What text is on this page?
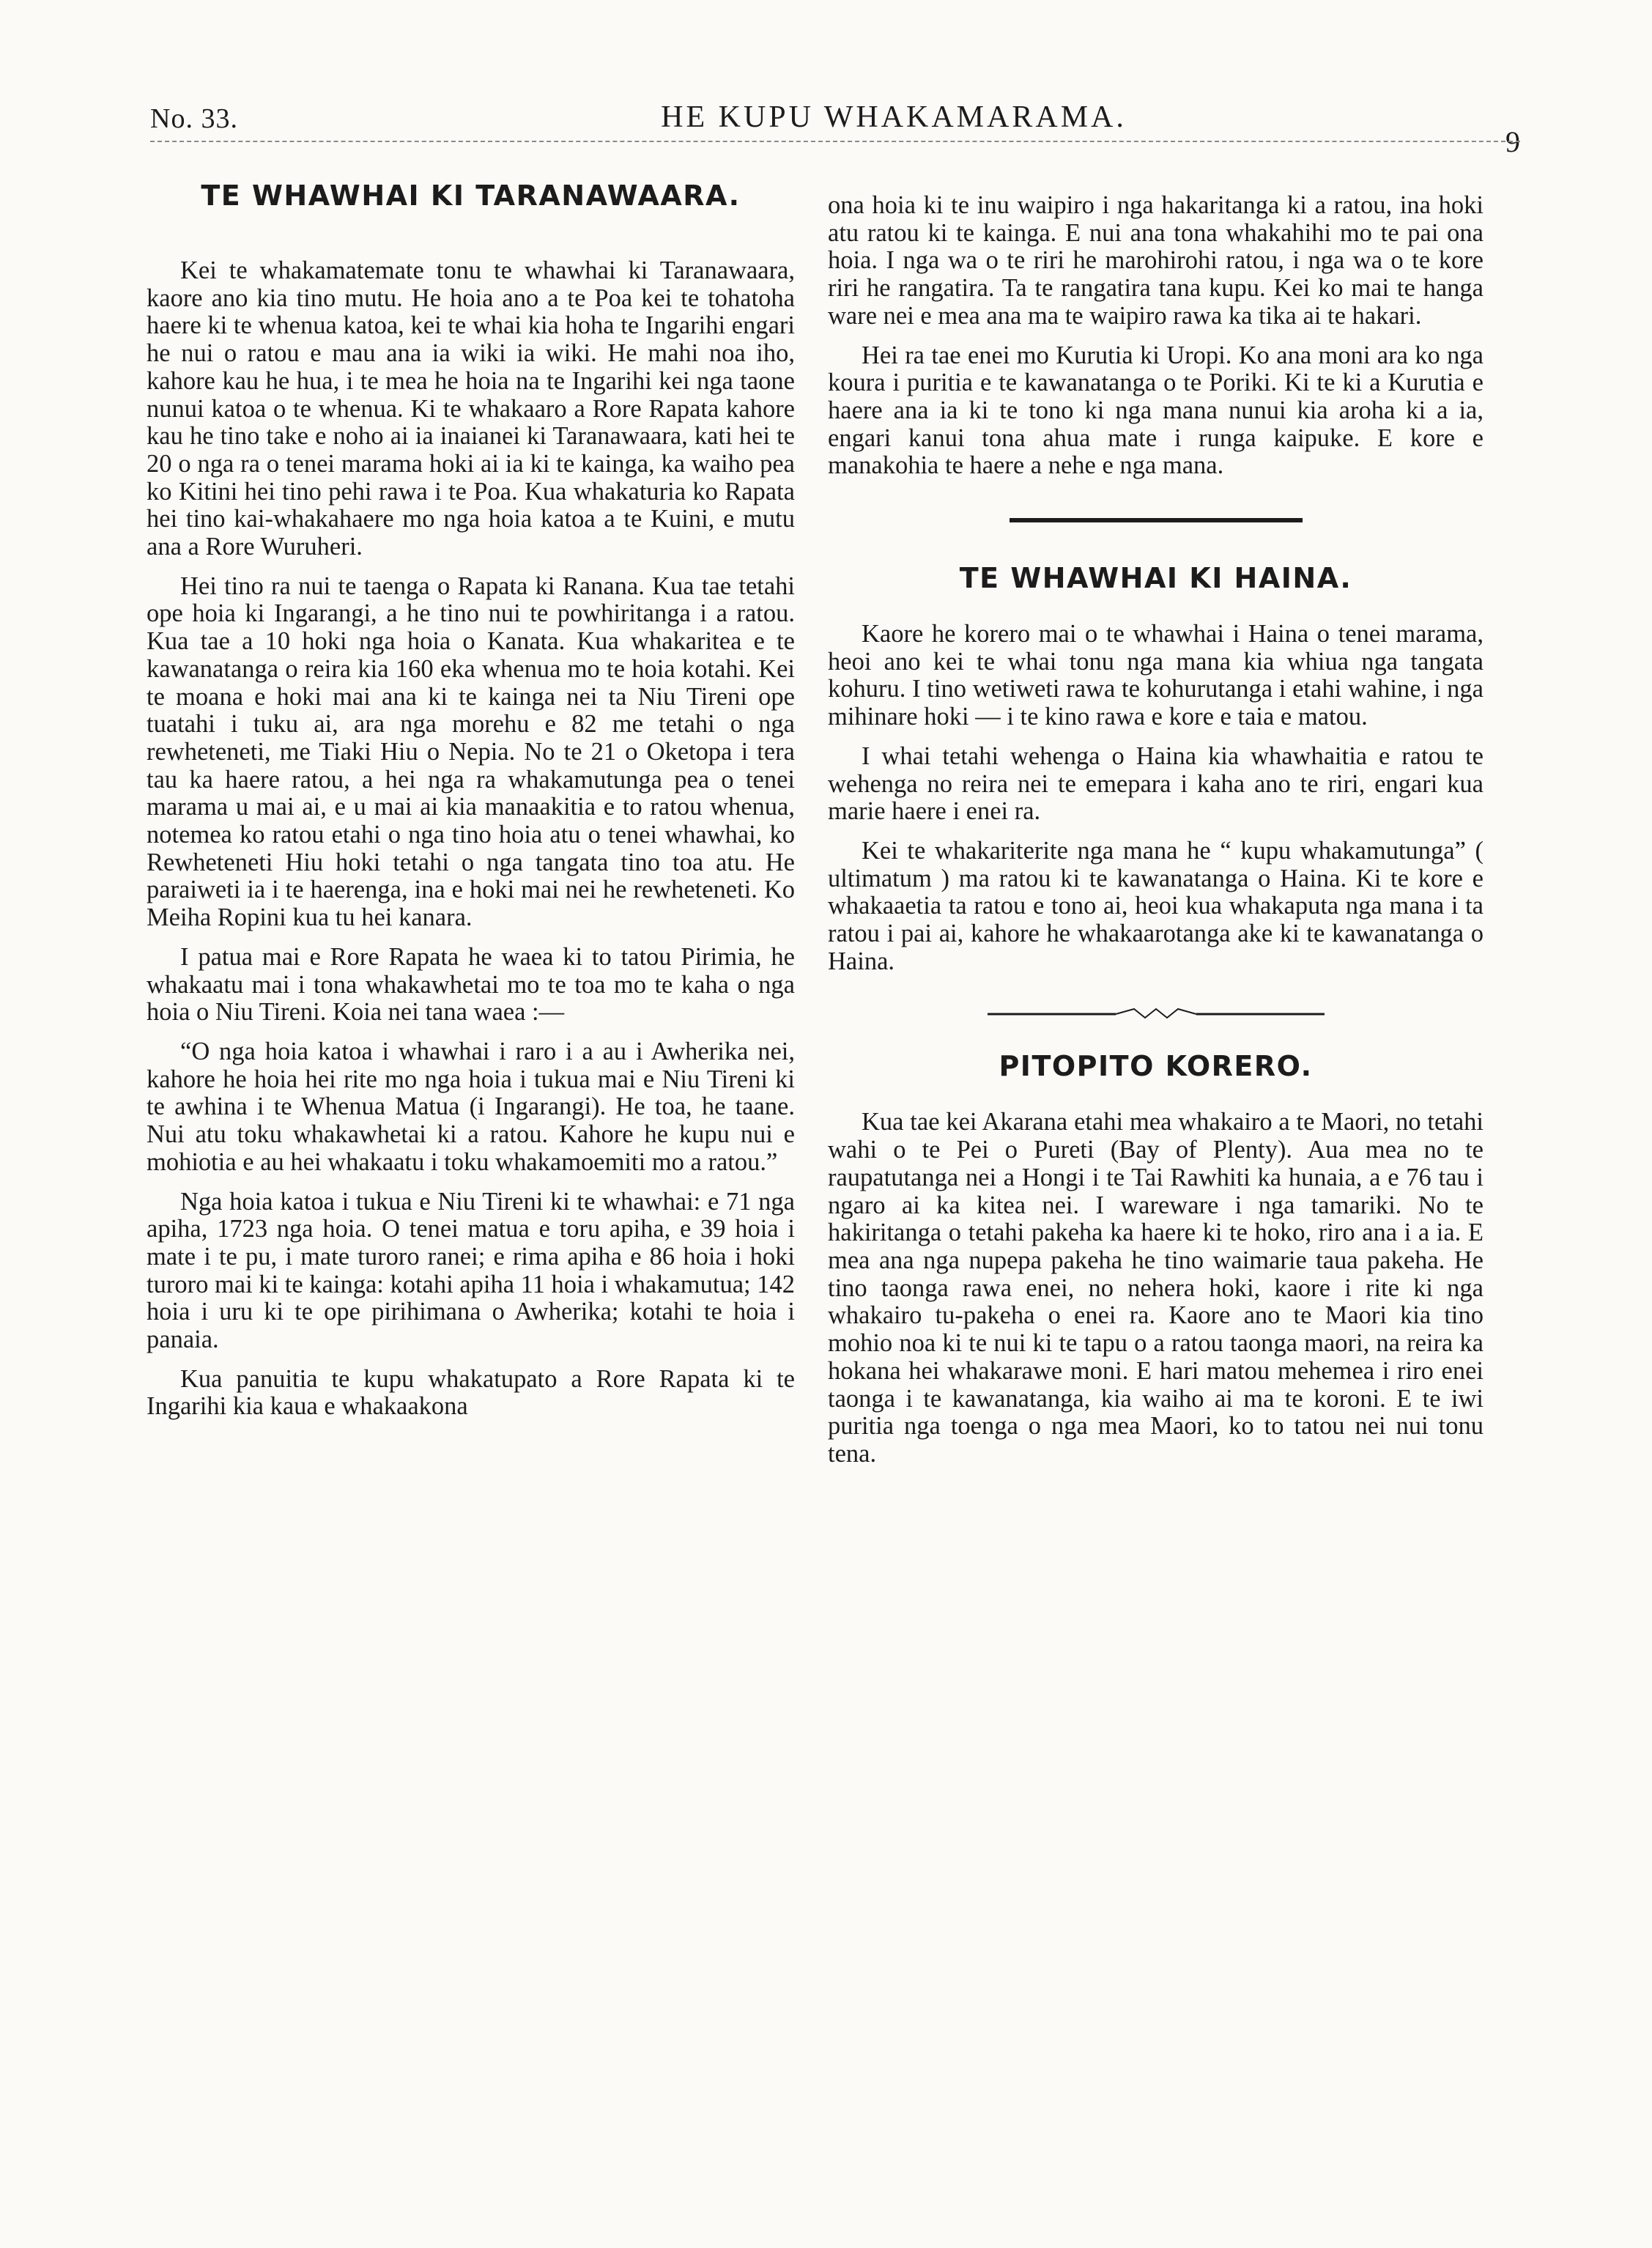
No. 33.	HE KUPU WHAKAMARAMA.
9
TE WHAWHAI KI TARANAWAARA.

Kei te whakamatemate tonu te whawhai ki Taranawaara, kaore ano kia tino mutu. He hoia ano a te Poa kei te tohatoha haere ki te whenua katoa, kei te whai kia hoha te Ingarihi engari he nui o ratou e mau ana ia wiki ia wiki. He mahi noa iho, kahore kau he hua, i te mea he hoia na te Ingarihi kei nga taone nunui katoa o te whenua. Ki te whakaaro a Rore Rapata kahore kau he tino take e noho ai ia inaianei ki Taranawaara, kati hei te 20 o nga ra o tenei marama hoki ai ia ki te kainga, ka waiho pea ko Kitini hei tino pehi rawa i te Poa. Kua whakaturia ko Rapata hei tino kai-whakahaere mo nga hoia katoa a te Kuini, e mutu ana a Rore Wuruheri.

Hei tino ra nui te taenga o Rapata ki Ranana. Kua tae tetahi ope hoia ki Ingarangi, a he tino nui te powhiritanga i a ratou. Kua tae a 10 hoki nga hoia o Kanata. Kua whakaritea e te kawanatanga o reira kia 160 eka whenua mo te hoia kotahi. Kei te moana e hoki mai ana ki te kainga nei ta Niu Tireni ope tuatahi i tuku ai, ara nga morehu e 82 me tetahi o nga rewheteneti, me Tiaki Hiu o Nepia. No te 21 o Oketopa i tera tau ka haere ratou, a hei nga ra whakamutunga pea o tenei marama u mai ai, e u mai ai kia manaakitia e to ratou whenua, notemea ko ratou etahi o nga tino hoia atu o tenei whawhai, ko Rewheteneti Hiu hoki tetahi o nga tangata tino toa atu. He paraiweti ia i te haerenga, ina e hoki mai nei he rewheteneti. Ko Meiha Ropini kua tu hei kanara.

I patua mai e Rore Rapata he waea ki to tatou Pirimia, he whakaatu mai i tona whakawhetai mo te toa mo te kaha o nga hoia o Niu Tireni. Koia nei tana waea :—

“O nga hoia katoa i whawhai i raro i a au i Awherika nei, kahore he hoia hei rite mo nga hoia i tukua mai e Niu Tireni ki te awhina i te Whenua Matua (i Ingarangi). He toa, he taane. Nui atu toku whakawhetai ki a ratou. Kahore he kupu nui e mohiotia e au hei whakaatu i toku whakamoemiti mo a ratou.”

Nga hoia katoa i tukua e Niu Tireni ki te whawhai: e 71 nga apiha, 1723 nga hoia. O tenei matua e toru apiha, e 39 hoia i mate i te pu, i mate turoro ranei; e rima apiha e 86 hoia i hoki turoro mai ki te kainga: kotahi apiha 11 hoia i whakamutua; 142 hoia i uru ki te ope pirihimana o Awherika; kotahi te hoia i panaia.

Kua panuitia te kupu whakatupato a Rore Rapata ki te Ingarihi kia kaua e whakaakona

ona hoia ki te inu waipiro i nga hakaritanga ki a ratou, ina hoki atu ratou ki te kainga. E nui ana tona whakahihi mo te pai ona hoia. I nga wa o te riri he marohirohi ratou, i nga wa o te kore riri he rangatira. Ta te rangatira tana kupu. Kei ko mai te hanga ware nei e mea ana ma te waipiro rawa ka tika ai te hakari.

Hei ra tae enei mo Kurutia ki Uropi. Ko ana moni ara ko nga koura i puritia e te kawanatanga o te Poriki. Ki te ki a Kurutia e haere ana ia ki te tono ki nga mana nunui kia aroha ki a ia, engari kanui tona ahua mate i runga kaipuke. E kore e manakohia te haere a nehe e nga mana.

TE WHAWHAI KI HAINA.

Kaore he korero mai o te whawhai i Haina o tenei marama, heoi ano kei te whai tonu nga mana kia whiua nga tangata kohuru. I tino wetiweti rawa te kohurutanga i etahi wahine, i nga mihinare hoki — i te kino rawa e kore e taia e matou.

I whai tetahi wehenga o Haina kia whawhaitia e ratou te wehenga no reira nei te emepara i kaha ano te riri, engari kua marie haere i enei ra.

Kei te whakariterite nga mana he “ kupu whakamutunga” ( ultimatum ) ma ratou ki te kawanatanga o Haina. Ki te kore e whakaaetia ta ratou e tono ai, heoi kua whakaputa nga mana i ta ratou i pai ai, kahore he whakaarotanga ake ki te kawanatanga o Haina.

PITOPITO KORERO.

Kua tae kei Akarana etahi mea whakairo a te Maori, no tetahi wahi o te Pei o Pureti (Bay of Plenty). Aua mea no te raupatutanga nei a Hongi i te Tai Rawhiti ka hunaia, a e 76 tau i ngaro ai ka kitea nei. I wareware i nga tamariki. No te hakiritanga o tetahi pakeha ka haere ki te hoko, riro ana i a ia. E mea ana nga nupepa pakeha he tino waimarie taua pakeha. He tino taonga rawa enei, no nehera hoki, kaore i rite ki nga whakairo tu-pakeha o enei ra. Kaore ano te Maori kia tino mohio noa ki te nui ki te tapu o a ratou taonga maori, na reira ka hokana hei whakarawe moni. E hari matou mehemea i riro enei taonga i te kawanatanga, kia waiho ai ma te koroni. E te iwi puritia nga toenga o nga mea Maori, ko to tatou nei nui tonu tena.
